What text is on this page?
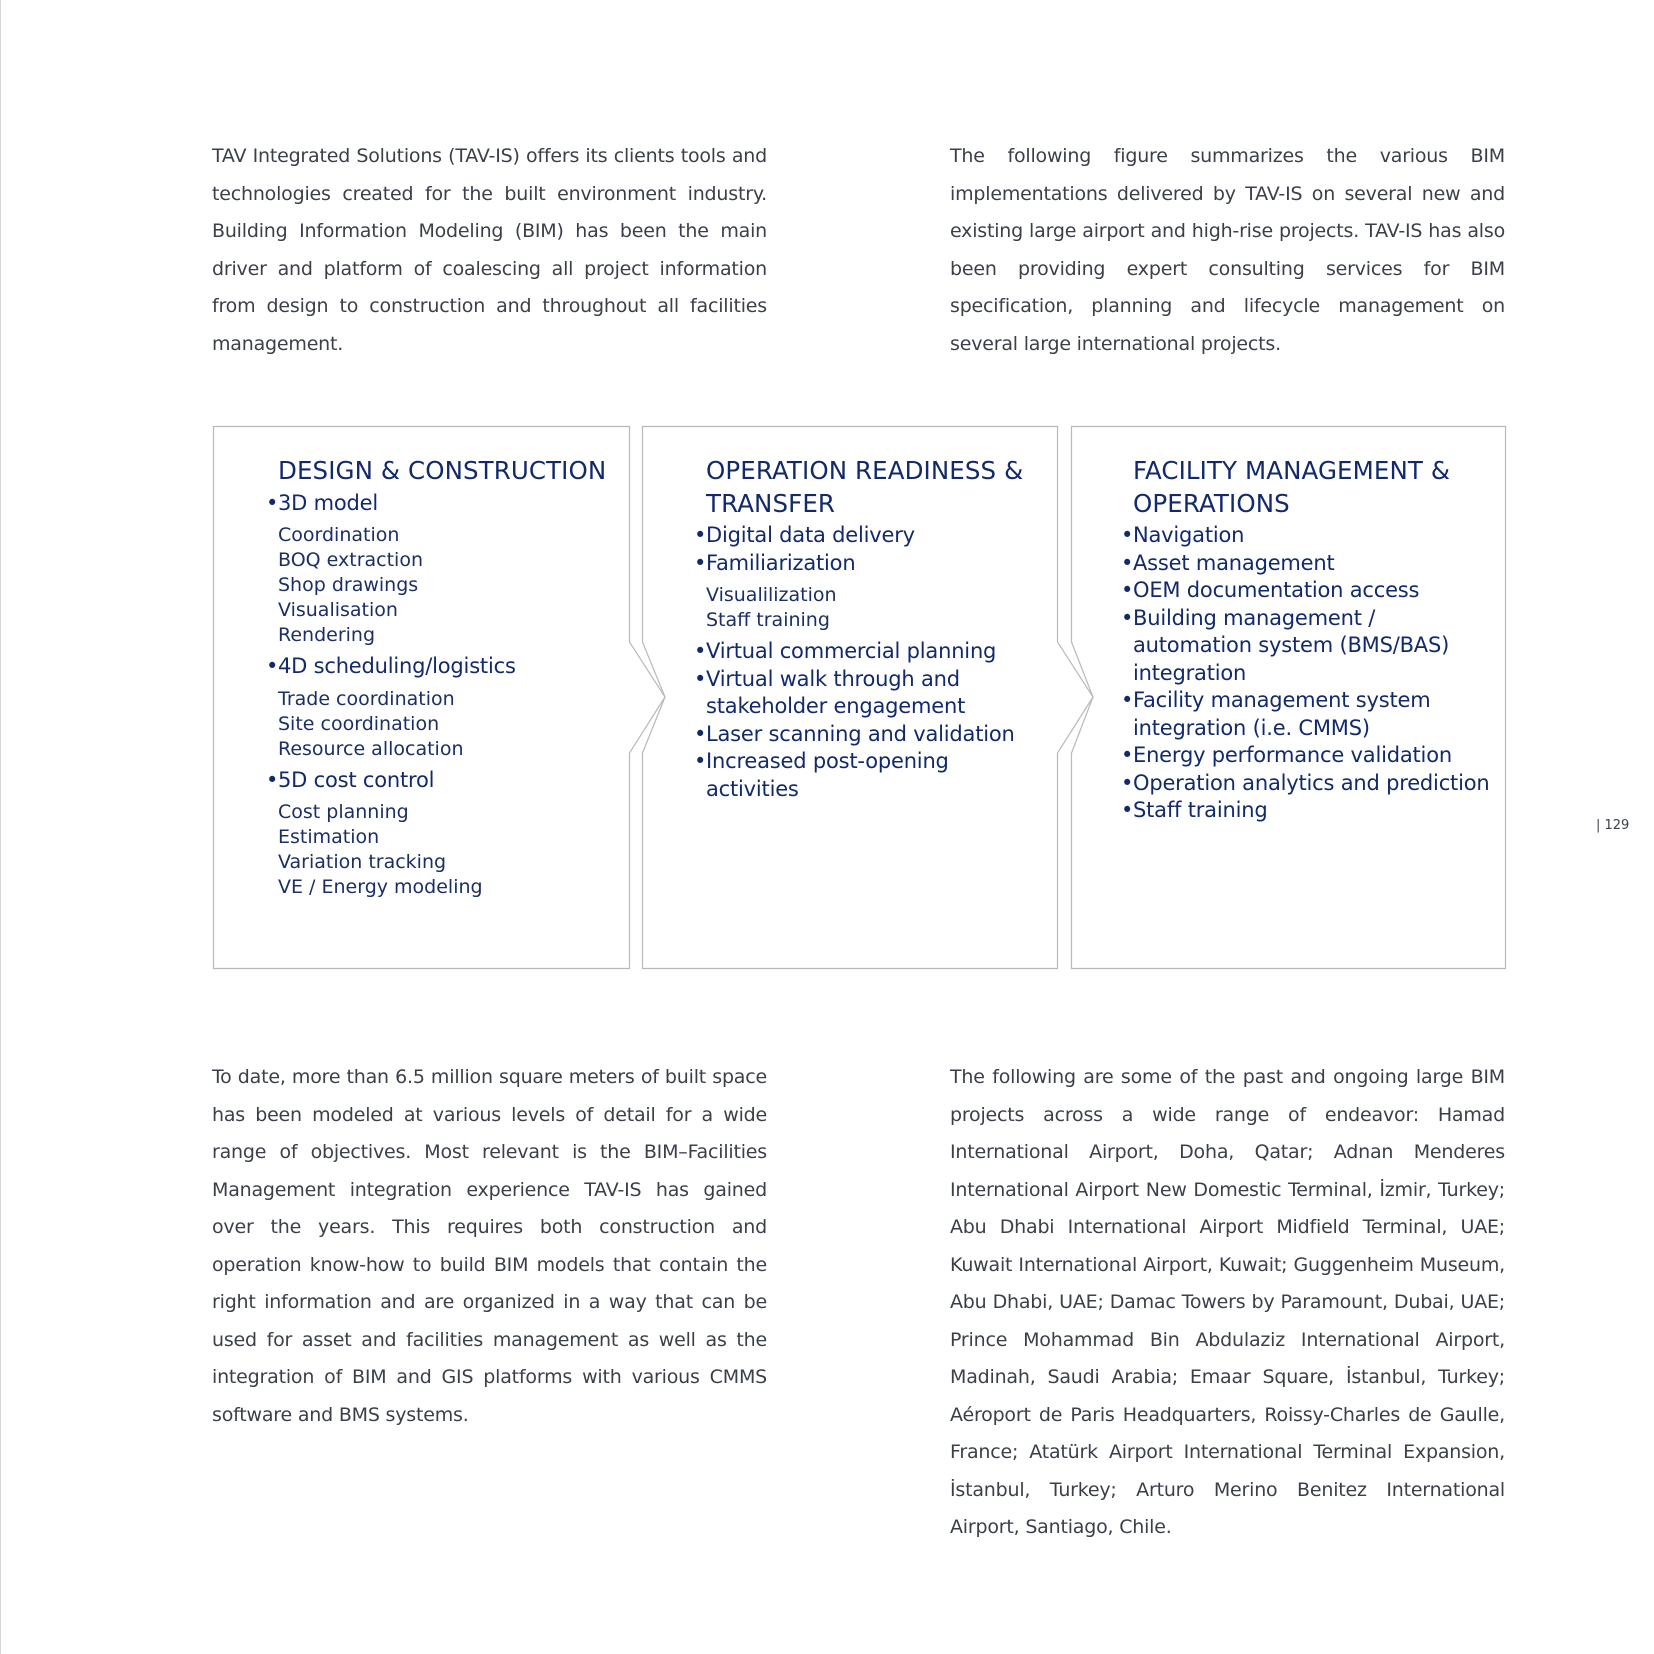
TAV Integrated Solutions (TAV-IS) offers its clients tools and technologies created for the built environment industry. Building Information Modeling (BIM) has been the main driver and platform of coalescing all project information from design to construction and throughout all facilities management.

The following figure summarizes the various BIM implementations delivered by TAV-IS on several new and existing large airport and high-rise projects. TAV-IS has also been providing expert consulting services for BIM specification, planning and lifecycle management on several large international projects.

DESIGN & CONSTRUCTION
• 3D model
Coordination
BOQ extraction
Shop drawings
Visualisation
Rendering
• 4D scheduling/logistics
Trade coordination
Site coordination
Resource allocation
• 5D cost control
Cost planning
Estimation
Variation tracking
VE / Energy modeling
OPERATION READINESS & TRANSFER
• Digital data delivery
• Familiarization
Visualilization
Staff training
• Virtual commercial planning
• Virtual walk through and stakeholder engagement
• Laser scanning and validation
• Increased post-opening activities
FACILITY MANAGEMENT & OPERATIONS
• Navigation
• Asset management
• OEM documentation access
• Building management / automation system (BMS/BAS) integration
• Facility management system integration (i.e. CMMS)
• Energy performance validation
• Operation analytics and prediction
• Staff training

To date, more than 6.5 million square meters of built space has been modeled at various levels of detail for a wide range of objectives. Most relevant is the BIM–Facilities Management integration experience TAV-IS has gained over the years. This requires both construction and operation know-how to build BIM models that contain the right information and are organized in a way that can be used for asset and facilities management as well as the integration of BIM and GIS platforms with various CMMS software and BMS systems.

The following are some of the past and ongoing large BIM projects across a wide range of endeavor: Hamad International Airport, Doha, Qatar; Adnan Menderes International Airport New Domestic Terminal, İzmir, Turkey; Abu Dhabi International Airport Midfield Terminal, UAE; Kuwait International Airport, Kuwait; Guggenheim Museum, Abu Dhabi, UAE; Damac Towers by Paramount, Dubai, UAE; Prince Mohammad Bin Abdulaziz International Airport, Madinah, Saudi Arabia; Emaar Square, İstanbul, Turkey; Aéroport de Paris Headquarters, Roissy-Charles de Gaulle, France; Atatürk Airport International Terminal Expansion, İstanbul, Turkey; Arturo Merino Benitez International Airport, Santiago, Chile.

| 129
